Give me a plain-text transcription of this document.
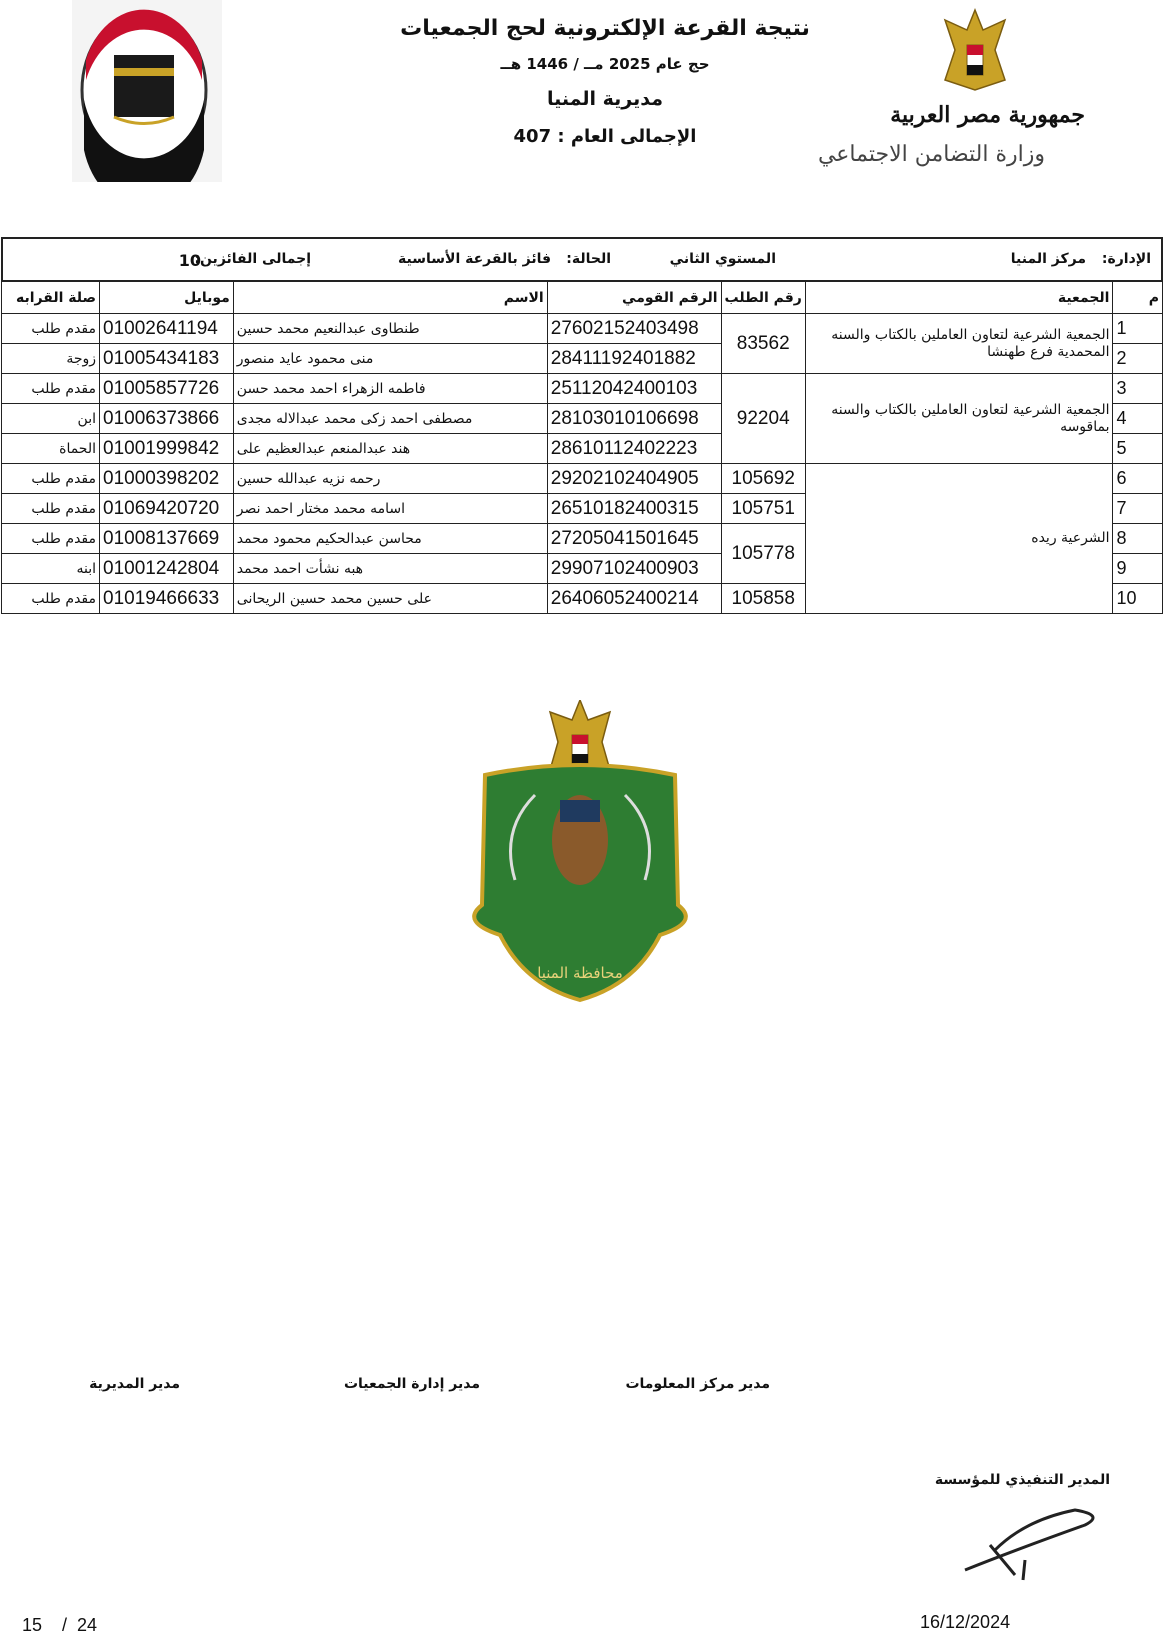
جمهورية مصر العربية
وزارة التضامن الاجتماعي
نتيجة القرعة الإلكترونية لحج الجمعيات
حج عام 2025 مــ / 1446 هــ
مديرية المنيا
الإجمالى العام : 407
الإدارة:
مركز المنيا
المستوي الثاني
الحالة:
فائز بالقرعة الأساسية
إجمالى الفائزين:
10
م	الجمعية	رقم الطلب	الرقم القومي	الاسم	موبايل	صلة القرابه
1	الجمعية الشرعية لتعاون العاملين بالكتاب والسنه المحمدية فرع طهنشا	83562	27602152403498	طنطاوى عبدالنعيم محمد حسين	01002641194	مقدم طلب
2			28411192401882	منى محمود عايد منصور	01005434183	زوجة
3	الجمعية الشرعية لتعاون العاملين بالكتاب والسنه بماقوسه	92204	25112042400103	فاطمه الزهراء احمد محمد حسن	01005857726	مقدم طلب
4			28103010106698	مصطفى احمد زكى محمد عبدالاله مجدى	01006373866	ابن
5			28610112402223	هند عبدالمنعم عبدالعظيم على	01001999842	الحماة
6	الشرعية ريده	105692	29202102404905	رحمه نزيه عبدالله حسين	01000398202	مقدم طلب
7		105751	26510182400315	اسامه محمد مختار احمد نصر	01069420720	مقدم طلب
8		105778	27205041501645	محاسن عبدالحكيم محمود محمد	01008137669	مقدم طلب
9			29907102400903	هبه نشأت احمد محمد	01001242804	ابنه
10		105858	26406052400214	على حسين محمد حسين الريحانى	01019466633	مقدم طلب
محافظة المنيا
مدير المديرية	مدير إدارة الجمعيات	مدير مركز المعلومات
المدير التنفيذي للمؤسسة
15    /  24	16/12/2024
